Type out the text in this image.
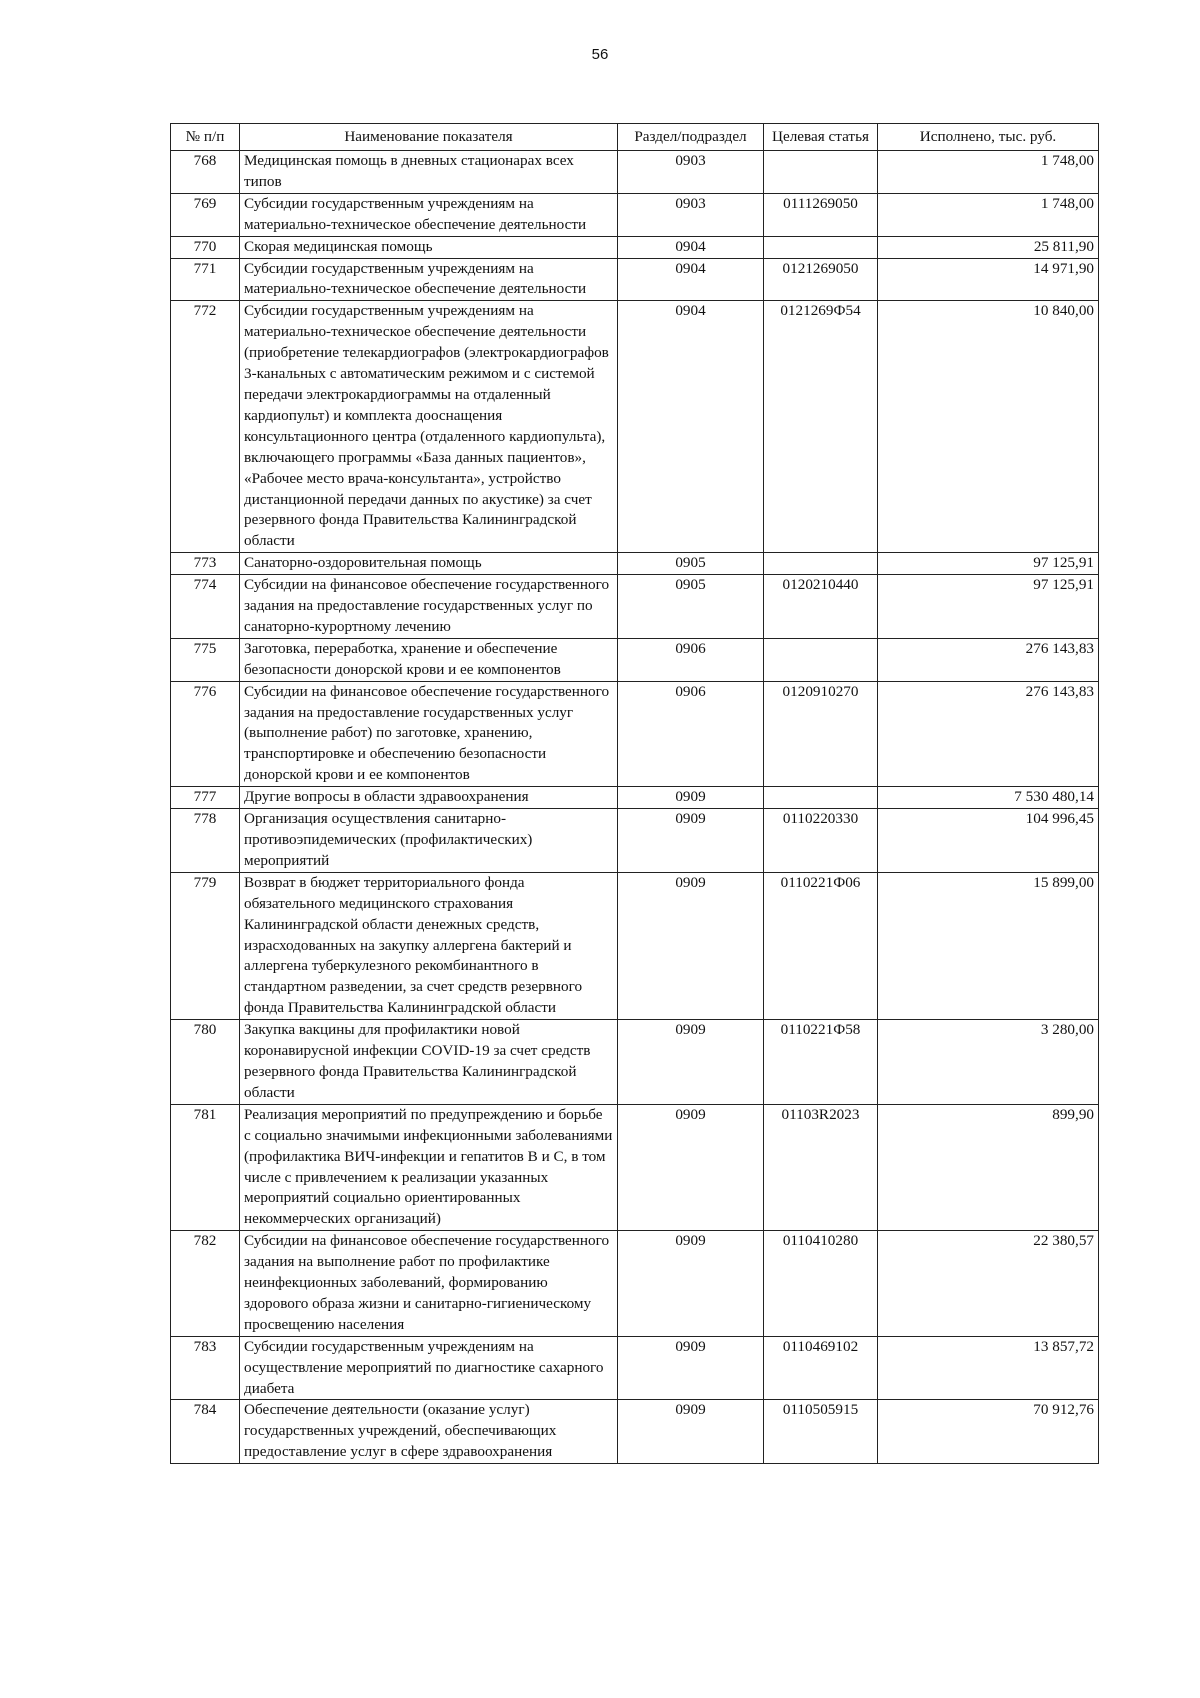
56
№ п/п	Наименование показателя	Раздел/подраздел	Целевая статья	Исполнено, тыс. руб.
768	Медицинская помощь в дневных стационарах всех типов	0903		1 748,00
769	Субсидии государственным учреждениям на материально-техническое обеспечение деятельности	0903	0111269050	1 748,00
770	Скорая медицинская помощь	0904		25 811,90
771	Субсидии государственным учреждениям на материально-техническое обеспечение деятельности	0904	0121269050	14 971,90
772	Субсидии государственным учреждениям на материально-техническое обеспечение деятельности (приобретение телекардиографов (электрокардиографов 3-канальных с автоматическим режимом и с системой передачи электрокардиограммы на отдаленный кардиопульт) и комплекта дооснащения консультационного центра (отдаленного кардиопульта), включающего программы «База данных пациентов», «Рабочее место врача-консультанта», устройство дистанционной передачи данных по акустике) за счет резервного фонда Правительства Калининградской области	0904	0121269Ф54	10 840,00
773	Санаторно-оздоровительная помощь	0905		97 125,91
774	Субсидии на финансовое обеспечение государственного задания на предоставление государственных услуг по санаторно-курортному лечению	0905	0120210440	97 125,91
775	Заготовка, переработка, хранение и обеспечение безопасности донорской крови и ее компонентов	0906		276 143,83
776	Субсидии на финансовое обеспечение государственного задания на предоставление государственных услуг (выполнение работ) по заготовке, хранению, транспортировке и обеспечению безопасности донорской крови и ее компонентов	0906	0120910270	276 143,83
777	Другие вопросы в области здравоохранения	0909		7 530 480,14
778	Организация осуществления санитарно-противоэпидемических (профилактических) мероприятий	0909	0110220330	104 996,45
779	Возврат в бюджет территориального фонда обязательного медицинского страхования Калининградской области денежных средств, израсходованных на закупку аллергена бактерий и аллергена туберкулезного рекомбинантного в стандартном разведении, за счет средств резервного фонда Правительства Калининградской области	0909	0110221Ф06	15 899,00
780	Закупка вакцины для профилактики новой коронавирусной инфекции COVID-19 за счет средств резервного фонда Правительства Калининградской области	0909	0110221Ф58	3 280,00
781	Реализация мероприятий по предупреждению и борьбе с социально значимыми инфекционными заболеваниями (профилактика ВИЧ-инфекции и гепатитов В и С, в том числе с привлечением к реализации указанных мероприятий социально ориентированных некоммерческих организаций)	0909	01103R2023	899,90
782	Субсидии на финансовое обеспечение государственного задания на выполнение работ по профилактике неинфекционных заболеваний, формированию здорового образа жизни и санитарно-гигиеническому просвещению населения	0909	0110410280	22 380,57
783	Субсидии государственным учреждениям на осуществление мероприятий по диагностике сахарного диабета	0909	0110469102	13 857,72
784	Обеспечение деятельности (оказание услуг) государственных учреждений, обеспечивающих предоставление услуг в сфере здравоохранения	0909	0110505915	70 912,76
